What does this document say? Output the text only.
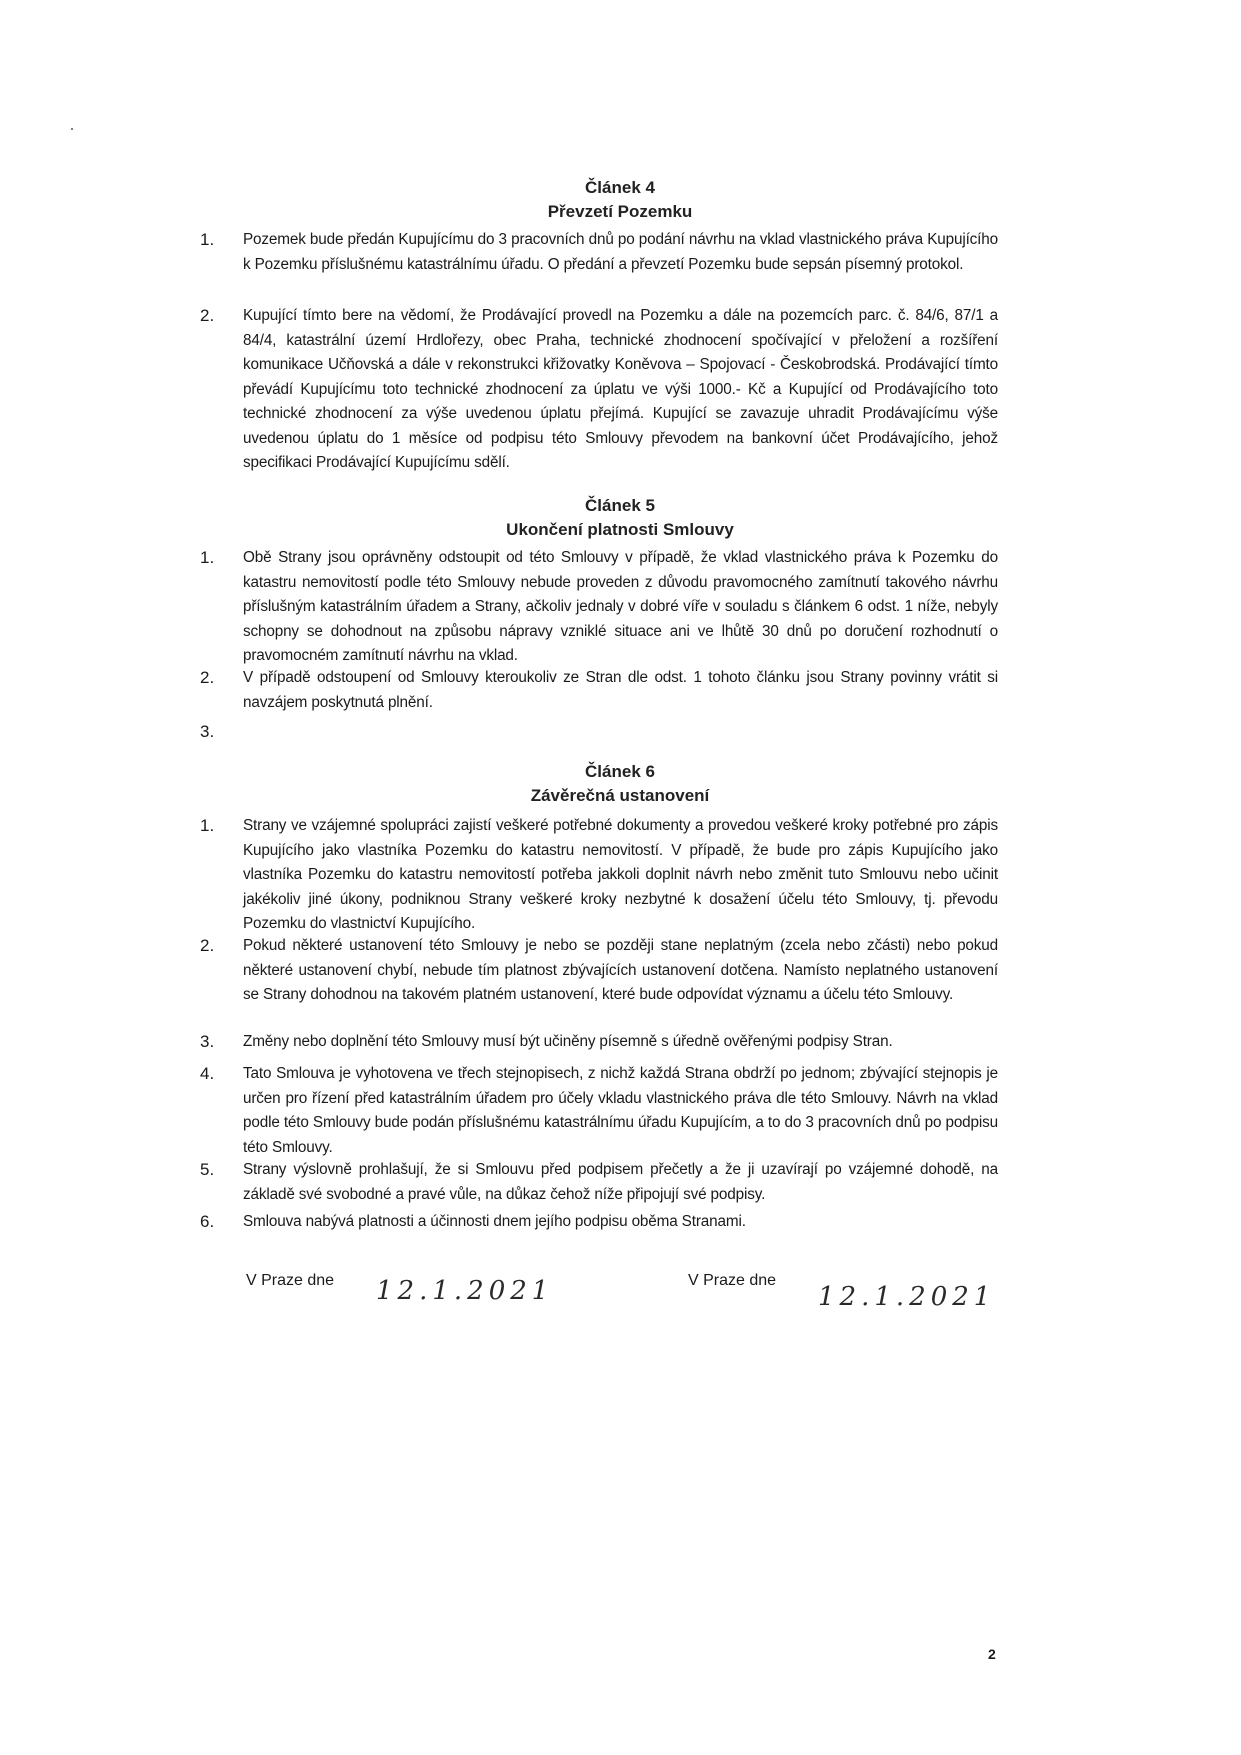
Článek 4
Převzetí Pozemku
1.	Pozemek bude předán Kupujícímu do 3 pracovních dnů po podání návrhu na vklad vlastnického práva Kupujícího k Pozemku příslušnému katastrálnímu úřadu. O předání a převzetí Pozemku bude sepsán písemný protokol.
2.	Kupující tímto bere na vědomí, že Prodávající provedl na Pozemku a dále na pozemcích parc. č. 84/6, 87/1 a 84/4, katastrální území Hrdlořezy, obec Praha, technické zhodnocení spočívající v přeložení a rozšíření komunikace Učňovská a dále v rekonstrukci křižovatky Koněvova – Spojovací - Českobrodská. Prodávající tímto převádí Kupujícímu toto technické zhodnocení za úplatu ve výši 1000.- Kč a Kupující od Prodávajícího toto technické zhodnocení za výše uvedenou úplatu přejímá. Kupující se zavazuje uhradit Prodávajícímu výše uvedenou úplatu do 1 měsíce od podpisu této Smlouvy převodem na bankovní účet Prodávajícího, jehož specifikaci Prodávající Kupujícímu sdělí.
Článek 5
Ukončení platnosti Smlouvy
1.	Obě Strany jsou oprávněny odstoupit od této Smlouvy v případě, že vklad vlastnického práva k Pozemku do katastru nemovitostí podle této Smlouvy nebude proveden z důvodu pravomocného zamítnutí takového návrhu příslušným katastrálním úřadem a Strany, ačkoliv jednaly v dobré víře v souladu s článkem 6 odst. 1 níže, nebyly schopny se dohodnout na způsobu nápravy vzniklé situace ani ve lhůtě 30 dnů po doručení rozhodnutí o pravomocném zamítnutí návrhu na vklad.
2.	V případě odstoupení od Smlouvy kteroukoliv ze Stran dle odst. 1 tohoto článku jsou Strany povinny vrátit si navzájem poskytnutá plnění.
3.
Článek 6
Závěrečná ustanovení
1.	Strany ve vzájemné spolupráci zajistí veškeré potřebné dokumenty a provedou veškeré kroky potřebné pro zápis Kupujícího jako vlastníka Pozemku do katastru nemovitostí. V případě, že bude pro zápis Kupujícího jako vlastníka Pozemku do katastru nemovitostí potřeba jakkoli doplnit návrh nebo změnit tuto Smlouvu nebo učinit jakékoliv jiné úkony, podniknou Strany veškeré kroky nezbytné k dosažení účelu této Smlouvy, tj. převodu Pozemku do vlastnictví Kupujícího.
2.	Pokud některé ustanovení této Smlouvy je nebo se později stane neplatným (zcela nebo zčásti) nebo pokud některé ustanovení chybí, nebude tím platnost zbývajících ustanovení dotčena. Namísto neplatného ustanovení se Strany dohodnou na takovém platném ustanovení, které bude odpovídat významu a účelu této Smlouvy.
3.	Změny nebo doplnění této Smlouvy musí být učiněny písemně s úředně ověřenými podpisy Stran.
4.	Tato Smlouva je vyhotovena ve třech stejnopisech, z nichž každá Strana obdrží po jednom; zbývající stejnopis je určen pro řízení před katastrálním úřadem pro účely vkladu vlastnického práva dle této Smlouvy. Návrh na vklad podle této Smlouvy bude podán příslušnému katastrálnímu úřadu Kupujícím, a to do 3 pracovních dnů po podpisu této Smlouvy.
5.	Strany výslovně prohlašují, že si Smlouvu před podpisem přečetly a že ji uzavírají po vzájemné dohodě, na základě své svobodné a pravé vůle, na důkaz čehož níže připojují své podpisy.
6.	Smlouva nabývá platnosti a účinnosti dnem jejího podpisu oběma Stranami.
V Praze dne 12.1.2021	V Praze dne
12.1.2021
2
